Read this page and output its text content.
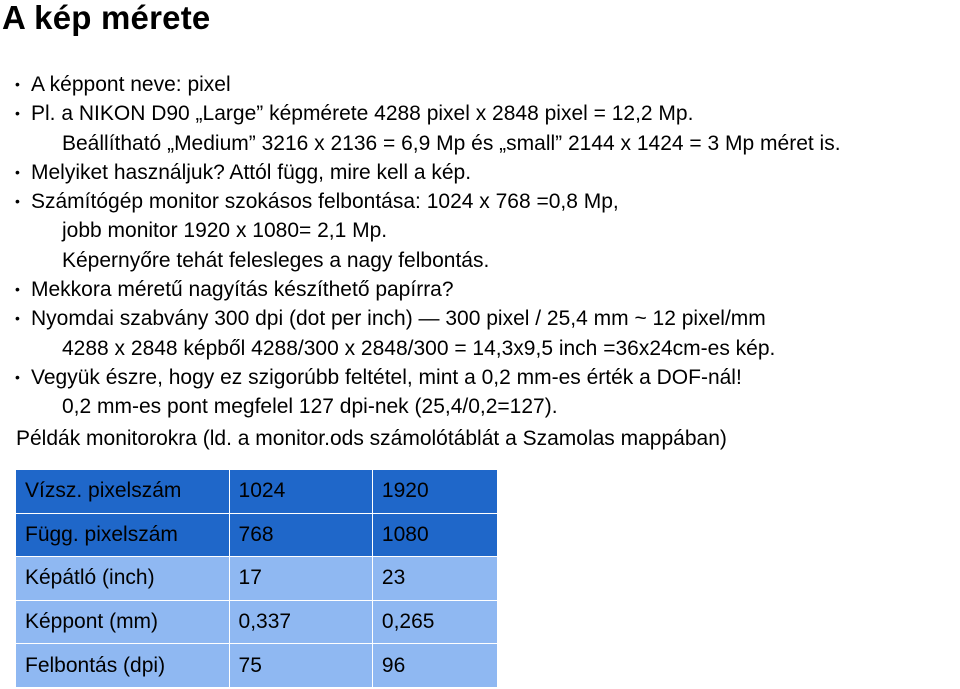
A kép mérete
• A képpont neve: pixel
• Pl. a NIKON D90 „Large” képmérete 4288 pixel x 2848 pixel = 12,2 Mp.
Beállítható „Medium” 3216 x 2136 = 6,9 Mp és „small” 2144 x 1424 = 3 Mp méret is.
• Melyiket használjuk? Attól függ, mire kell a kép.
• Számítógép monitor szokásos felbontása: 1024 x 768 =0,8 Mp,
jobb monitor 1920 x 1080= 2,1 Mp.
Képernyőre tehát felesleges a nagy felbontás.
• Mekkora méretű nagyítás készíthető papírra?
• Nyomdai szabvány 300 dpi (dot per inch) — 300 pixel / 25,4 mm ~ 12 pixel/mm
4288 x 2848 képből 4288/300 x 2848/300 = 14,3x9,5 inch =36x24cm-es kép.
• Vegyük észre, hogy ez szigorúbb feltétel, mint a 0,2 mm-es érték a DOF-nál!
0,2 mm-es pont megfelel 127 dpi-nek (25,4/0,2=127).

Példák monitorokra (ld. a monitor.ods számolótáblát a Szamolas mappában)

Vízsz. pixelszám	1024	1920
Függ. pixelszám	768	1080
Képátló (inch)	17	23
Képpont (mm)	0,337	0,265
Felbontás (dpi)	75	96
